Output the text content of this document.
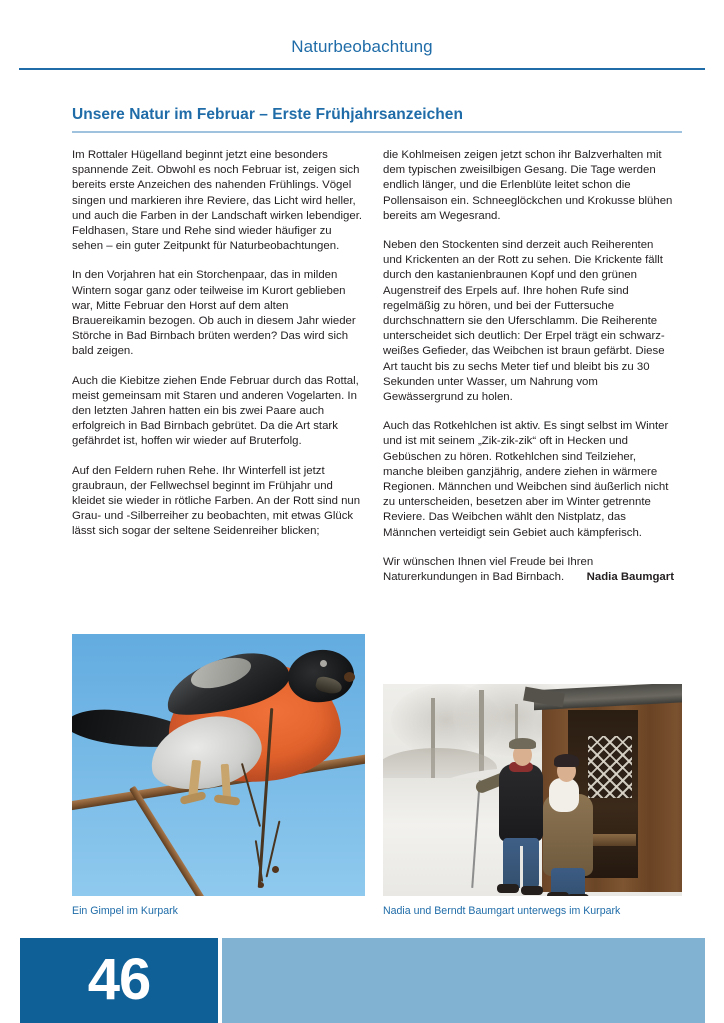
Naturbeobachtung
Unsere Natur im Februar – Erste Frühjahrsanzeichen

Im Rottaler Hügelland beginnt jetzt eine besonders spannende Zeit. Obwohl es noch Februar ist, zeigen sich bereits erste Anzeichen des nahenden Frühlings. Vögel singen und markieren ihre Reviere, das Licht wird heller, und auch die Farben in der Landschaft wirken lebendiger. Feldhasen, Stare und Rehe sind wieder häufiger zu sehen – ein guter Zeitpunkt für Naturbeobachtungen.

In den Vorjahren hat ein Storchenpaar, das in milden Wintern sogar ganz oder teilweise im Kurort geblieben war, Mitte Februar den Horst auf dem alten Brauereikamin bezogen. Ob auch in diesem Jahr wieder Störche in Bad Birnbach brüten werden? Das wird sich bald zeigen.

Auch die Kiebitze ziehen Ende Februar durch das Rottal, meist gemeinsam mit Staren und anderen Vogelarten. In den letzten Jahren hatten ein bis zwei Paare auch erfolgreich in Bad Birnbach gebrütet. Da die Art stark gefährdet ist, hoffen wir wieder auf Bruterfolg.

Auf den Feldern ruhen Rehe. Ihr Winterfell ist jetzt graubraun, der Fellwechsel beginnt im Frühjahr und kleidet sie wieder in rötliche Farben. An der Rott sind nun Grau- und -Silberreiher zu beobachten, mit etwas Glück lässt sich sogar der seltene Seidenreiher blicken;

die Kohlmeisen zeigen jetzt schon ihr Balzverhalten mit dem typischen zweisilbigen Gesang. Die Tage werden endlich länger, und die Erlenblüte leitet schon die Pollensaison ein. Schneeglöckchen und Krokusse blühen bereits am Wegesrand.

Neben den Stockenten sind derzeit auch Reiherenten und Krickenten an der Rott zu sehen. Die Krickente fällt durch den kastanienbraunen Kopf und den grünen Augenstreif des Erpels auf. Ihre hohen Rufe sind regelmäßig zu hören, und bei der Futtersuche durchschnattern sie den Uferschlamm. Die Reiherente unterscheidet sich deutlich: Der Erpel trägt ein schwarz-weißes Gefieder, das Weibchen ist braun gefärbt. Diese Art taucht bis zu sechs Meter tief und bleibt bis zu 30 Sekunden unter Wasser, um Nahrung vom Gewässergrund zu holen.

Auch das Rotkehlchen ist aktiv. Es singt selbst im Winter und ist mit seinem „Zik-zik-zik“ oft in Hecken und Gebüschen zu hören. Rotkehlchen sind Teilzieher, manche bleiben ganzjährig, andere ziehen in wärmere Regionen. Männchen und Weibchen sind äußerlich nicht zu unterscheiden, besetzen aber im Winter getrennte Reviere. Das Weibchen wählt den Nistplatz, das Männchen verteidigt sein Gebiet auch kämpferisch.

Wir wünschen Ihnen viel Freude bei Ihren Naturerkundungen in Bad Birnbach. Nadia Baumgart

Ein Gimpel im Kurpark	Nadia und Berndt Baumgart unterwegs im Kurpark
46
